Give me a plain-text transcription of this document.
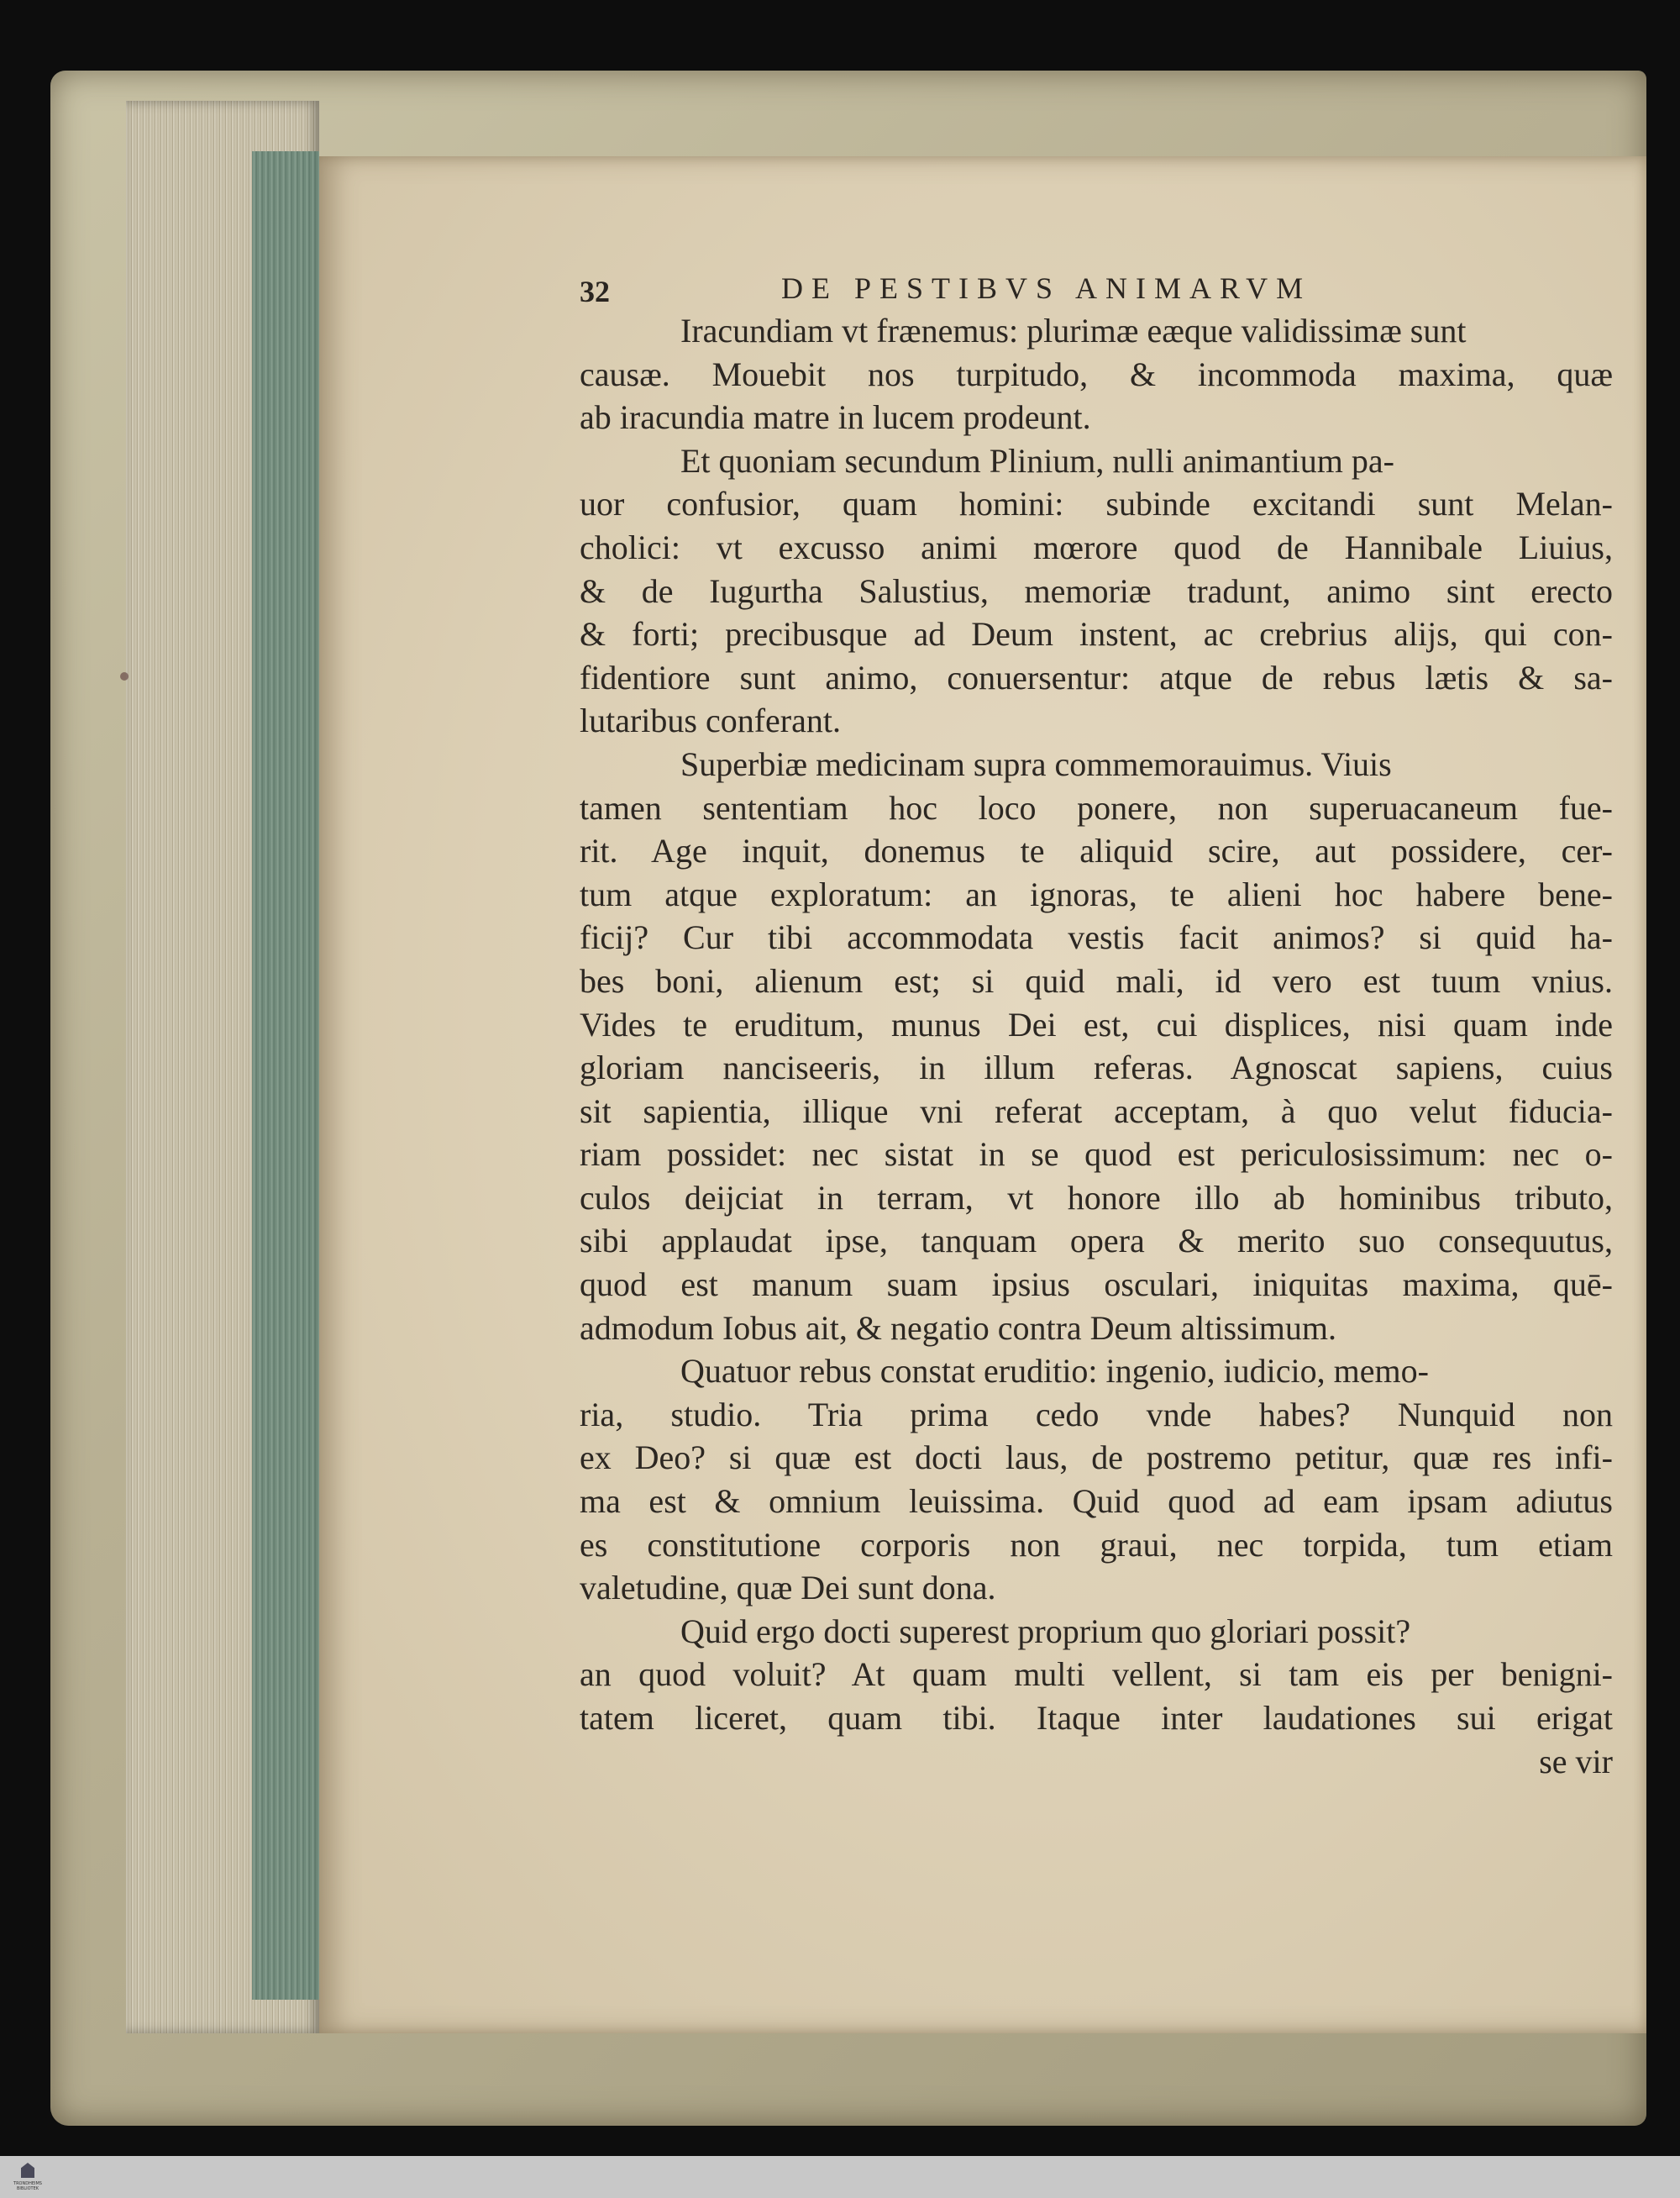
32	DE PESTIBVS ANIMARVM
Iracundiam vt frænemus: plurimæ eæque validissimæ sunt
causæ. Mouebit nos turpitudo, & incommoda maxima, quæ
ab iracundia matre in lucem prodeunt.
Et quoniam secundum Plinium, nulli animantium pa-
uor confusior, quam homini: subinde excitandi sunt Melan-
cholici: vt excusso animi mœrore quod de Hannibale Liuius,
& de Iugurtha Salustius, memoriæ tradunt, animo sint erecto
& forti; precibusque ad Deum instent, ac crebrius alijs, qui con-
fidentiore sunt animo, conuersentur: atque de rebus lætis & sa-
lutaribus conferant.
Superbiæ medicinam supra commemorauimus. Viuis
tamen sententiam hoc loco ponere, non superuacaneum fue-
rit. Age inquit, donemus te aliquid scire, aut possidere, cer-
tum atque exploratum: an ignoras, te alieni hoc habere bene-
ficij? Cur tibi accommodata vestis facit animos? si quid ha-
bes boni, alienum est; si quid mali, id vero est tuum vnius.
Vides te eruditum, munus Dei est, cui displices, nisi quam inde
gloriam nanciseeris, in illum referas. Agnoscat sapiens, cuius
sit sapientia, illique vni referat acceptam, à quo velut fiducia-
riam possidet: nec sistat in se quod est periculosissimum: nec o-
culos deijciat in terram, vt honore illo ab hominibus tributo,
sibi applaudat ipse, tanquam opera & merito suo consequutus,
quod est manum suam ipsius osculari, iniquitas maxima, quē-
admodum Iobus ait, & negatio contra Deum altissimum.
Quatuor rebus constat eruditio: ingenio, iudicio, memo-
ria, studio. Tria prima cedo vnde habes? Nunquid non
ex Deo? si quæ est docti laus, de postremo petitur, quæ res infi-
ma est & omnium leuissima. Quid quod ad eam ipsam adiutus
es constitutione corporis non graui, nec torpida, tum etiam
valetudine, quæ Dei sunt dona.
Quid ergo docti superest proprium quo gloriari possit?
an quod voluit? At quam multi vellent, si tam eis per benigni-
tatem liceret, quam tibi. Itaque inter laudationes sui erigat
se vir
TRONDHEIMS BIBLIOTEK
